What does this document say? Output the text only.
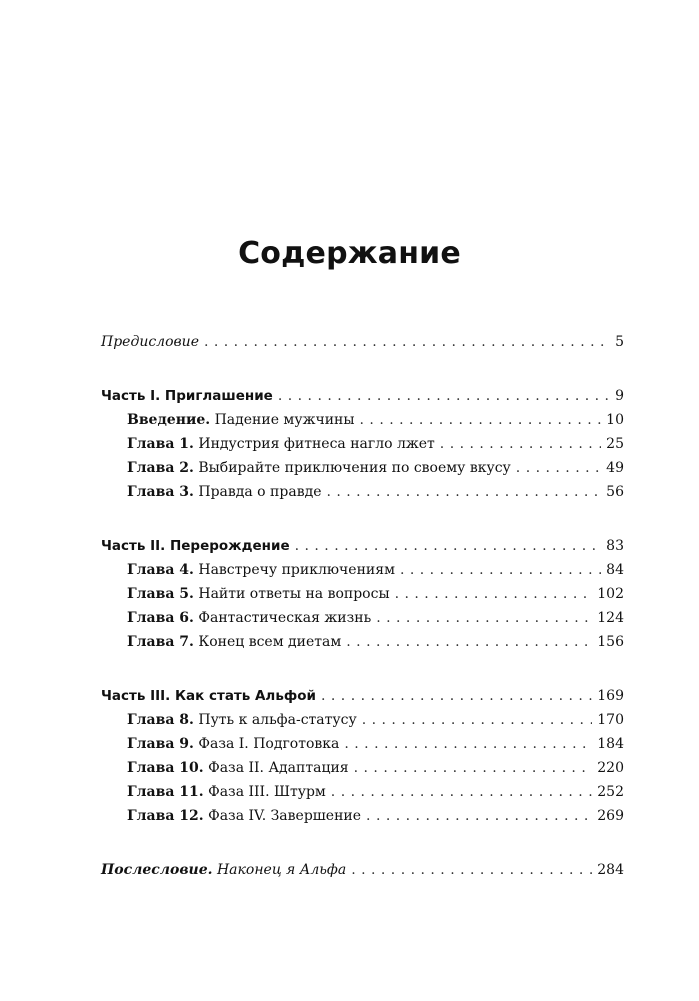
Содержание
Предисловие . . .	5
Часть I. Приглашение . . .	9
Введение. Падение мужчины . . .	10
Глава 1. Индустрия фитнеса нагло лжет . . .	25
Глава 2. Выбирайте приключения по своему вкусу . . .	49
Глава 3. Правда о правде . . .	56
Часть II. Перерождение . . .	83
Глава 4. Навстречу приключениям . . .	84
Глава 5. Найти ответы на вопросы . . .	102
Глава 6. Фантастическая жизнь . . .	124
Глава 7. Конец всем диетам . . .	156
Часть III. Как стать Альфой . . .	169
Глава 8. Путь к альфа-статусу . . .	170
Глава 9. Фаза I. Подготовка . . .	184
Глава 10. Фаза II. Адаптация . . .	220
Глава 11. Фаза III. Штурм . . .	252
Глава 12. Фаза IV. Завершение . . .	269
Послесловие. Наконец я Альфа . . .	284
